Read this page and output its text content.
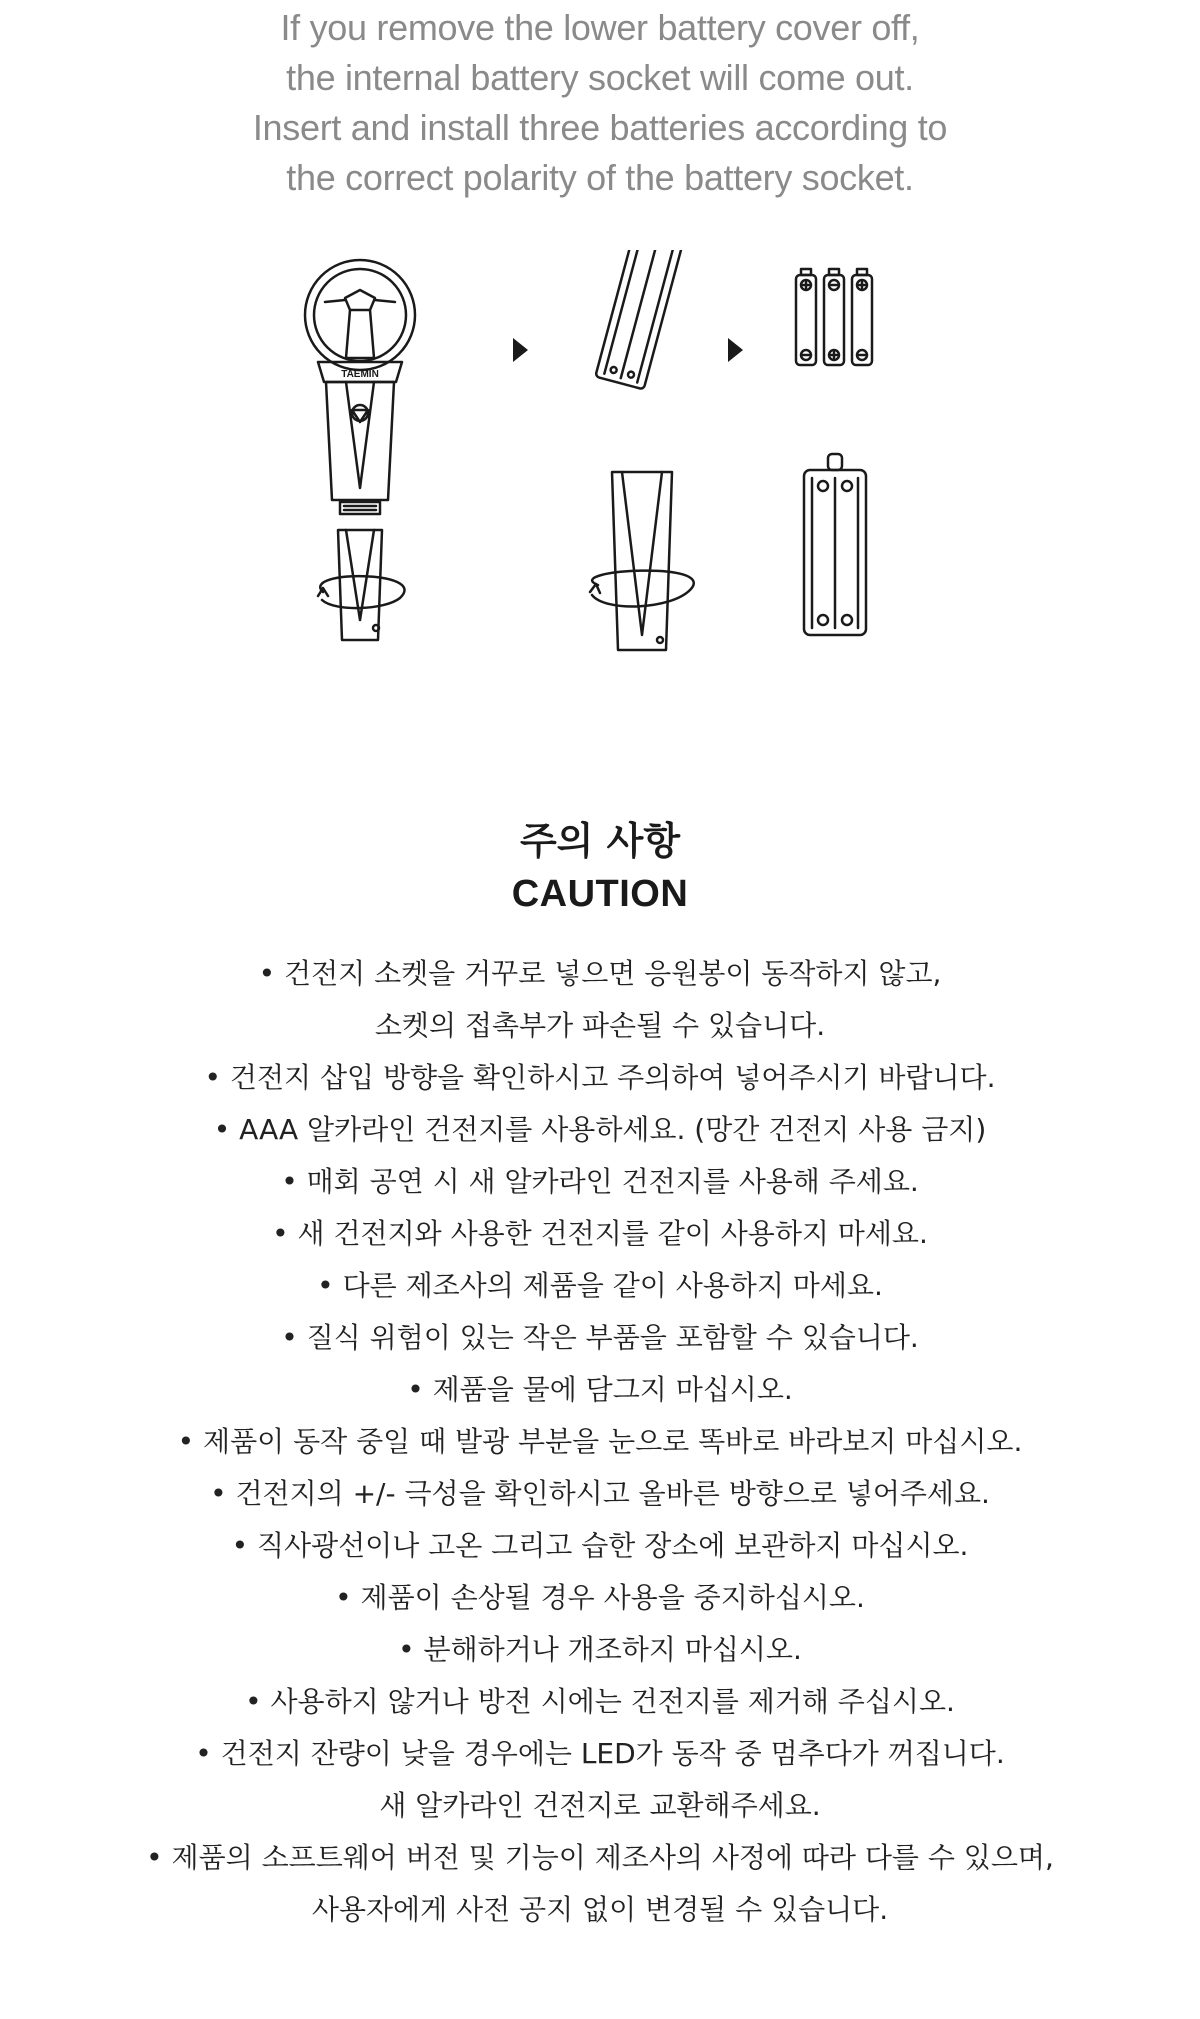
If you remove the lower battery cover off,
the internal battery socket will come out.
Insert and install three batteries according to
the correct polarity of the battery socket.
TAEMIN
주의 사항
CAUTION
• 건전지 소켓을 거꾸로 넣으면 응원봉이 동작하지 않고,
소켓의 접촉부가 파손될 수 있습니다.
• 건전지 삽입 방향을 확인하시고 주의하여 넣어주시기 바랍니다.
• AAA 알카라인 건전지를 사용하세요. (망간 건전지 사용 금지)
• 매회 공연 시 새 알카라인 건전지를 사용해 주세요.
• 새 건전지와 사용한 건전지를 같이 사용하지 마세요.
• 다른 제조사의 제품을 같이 사용하지 마세요.
• 질식 위험이 있는 작은 부품을 포함할 수 있습니다.
• 제품을 물에 담그지 마십시오.
• 제품이 동작 중일 때 발광 부분을 눈으로 똑바로 바라보지 마십시오.
• 건전지의 +/- 극성을 확인하시고 올바른 방향으로 넣어주세요.
• 직사광선이나 고온 그리고 습한 장소에 보관하지 마십시오.
• 제품이 손상될 경우 사용을 중지하십시오.
• 분해하거나 개조하지 마십시오.
• 사용하지 않거나 방전 시에는 건전지를 제거해 주십시오.
• 건전지 잔량이 낮을 경우에는 LED가 동작 중 멈추다가 꺼집니다.
새 알카라인 건전지로 교환해주세요.
• 제품의 소프트웨어 버전 및 기능이 제조사의 사정에 따라 다를 수 있으며,
사용자에게 사전 공지 없이 변경될 수 있습니다.
